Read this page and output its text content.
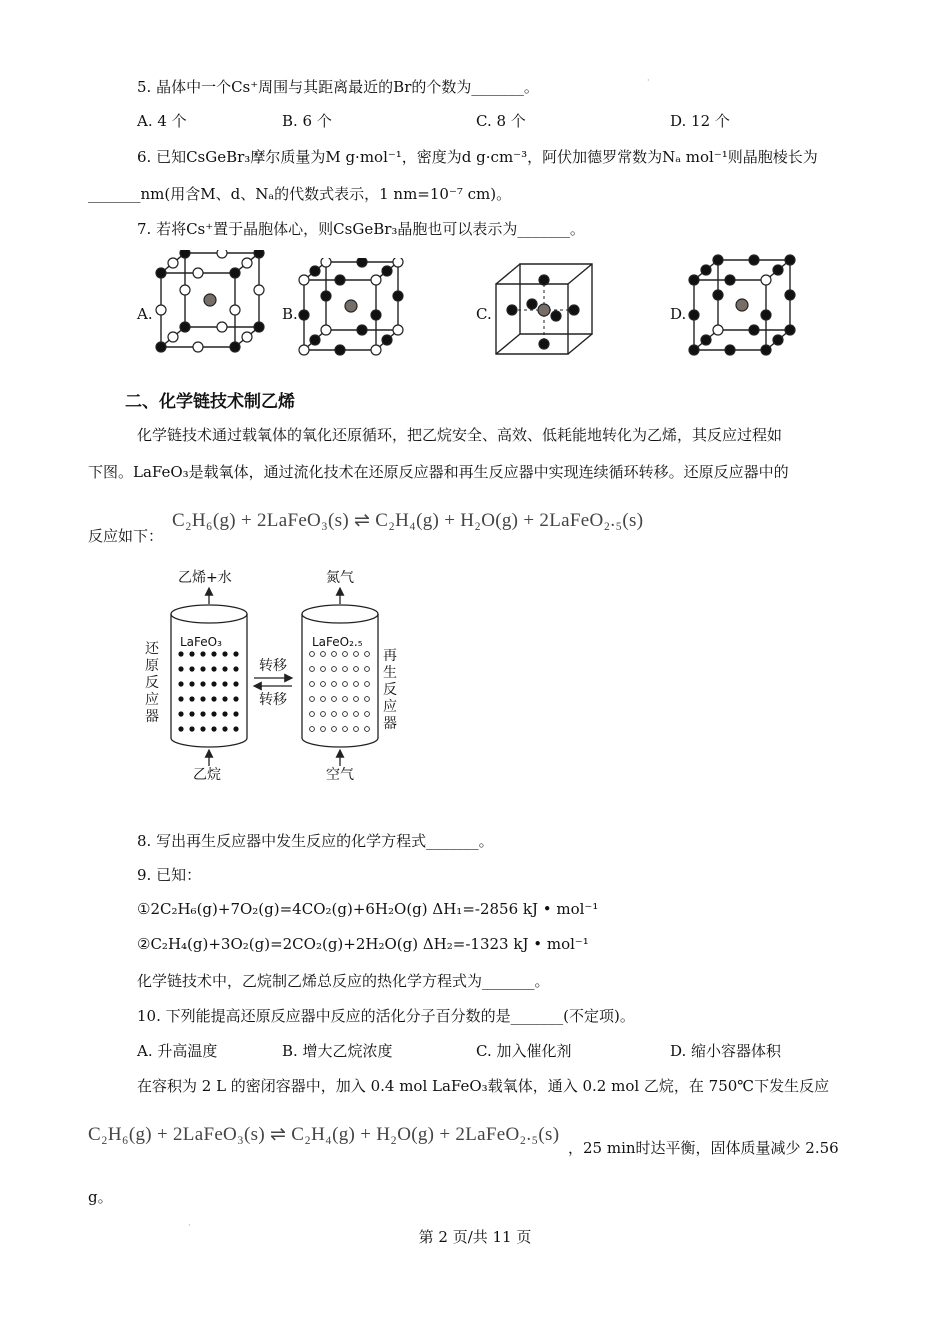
5. 晶体中一个Cs⁺周围与其距离最近的Br的个数为_______。	·
A. 4 个	B. 6 个	C. 8 个	D. 12 个
6. 已知CsGeBr₃摩尔质量为M g·mol⁻¹，密度为d g·cm⁻³，阿伏加德罗常数为Nₐ mol⁻¹则晶胞棱长为
_______nm(用含M、d、Nₐ的代数式表示，1 nm=10⁻⁷ cm)。
7. 若将Cs⁺置于晶胞体心，则CsGeBr₃晶胞也可以表示为_______。
A.	B.	C.	D.
二、化学链技术制乙烯
化学链技术通过载氧体的氧化还原循环，把乙烷安全、高效、低耗能地转化为乙烯，其反应过程如
下图。LaFeO₃是载氧体，通过流化技术在还原反应器和再生反应器中实现连续循环转移。还原反应器中的
反应如下：
C₂H₆(g) + 2LaFeO₃(s) ⇌ C₂H₄(g) + H₂O(g) + 2LaFeO₂.₅(s)
乙烯+水
乙烷
LaFeO₃
还
原
反
应
器
氮气
空气
LaFeO₂.₅
再
生
反
应
器
转移
转移
8. 写出再生反应器中发生反应的化学方程式_______。
9. 已知：
①2C₂H₆(g)+7O₂(g)=4CO₂(g)+6H₂O(g) ΔH₁=-2856 kJ • mol⁻¹
②C₂H₄(g)+3O₂(g)=2CO₂(g)+2H₂O(g) ΔH₂=-1323 kJ • mol⁻¹
化学链技术中，乙烷制乙烯总反应的热化学方程式为_______。
10. 下列能提高还原反应器中反应的活化分子百分数的是_______(不定项)。
A. 升高温度	B. 增大乙烷浓度	C. 加入催化剂	D. 缩小容器体积
在容积为 2 L 的密闭容器中，加入 0.4 mol LaFeO₃载氧体，通入 0.2 mol 乙烷，在 750℃下发生反应
C₂H₆(g) + 2LaFeO₃(s) ⇌ C₂H₄(g) + H₂O(g) + 2LaFeO₂.₅(s)
，25 min时达平衡，固体质量减少 2.56
g。
·
第 2 页/共 11 页
